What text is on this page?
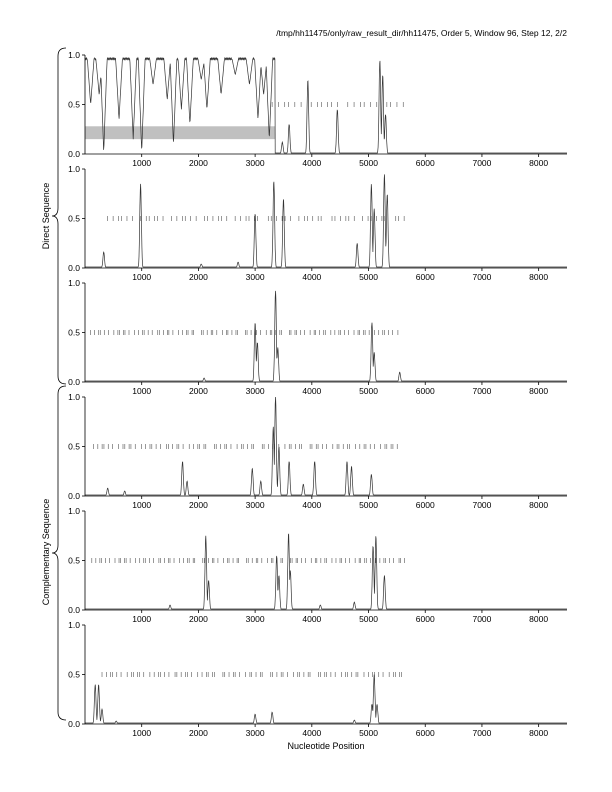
/tmp/hh11475/only/raw_result_dir/hh11475, Order 5, Window 96, Step 12, 2/2
Nucleotide Position
Direct Sequence
Complementary Sequence
0.0
0.5
1.0
1000	2000	3000	4000	5000	6000	7000	8000
0.0
0.5
1.0
1000	2000	3000	4000	5000	6000	7000	8000
0.0
0.5
1.0
1000	2000	3000	4000	5000	6000	7000	8000
0.0
0.5
1.0
1000	2000	3000	4000	5000	6000	7000	8000
0.0
0.5
1.0
1000	2000	3000	4000	5000	6000	7000	8000
0.0
0.5
1.0
1000	2000	3000	4000	5000	6000	7000	8000
